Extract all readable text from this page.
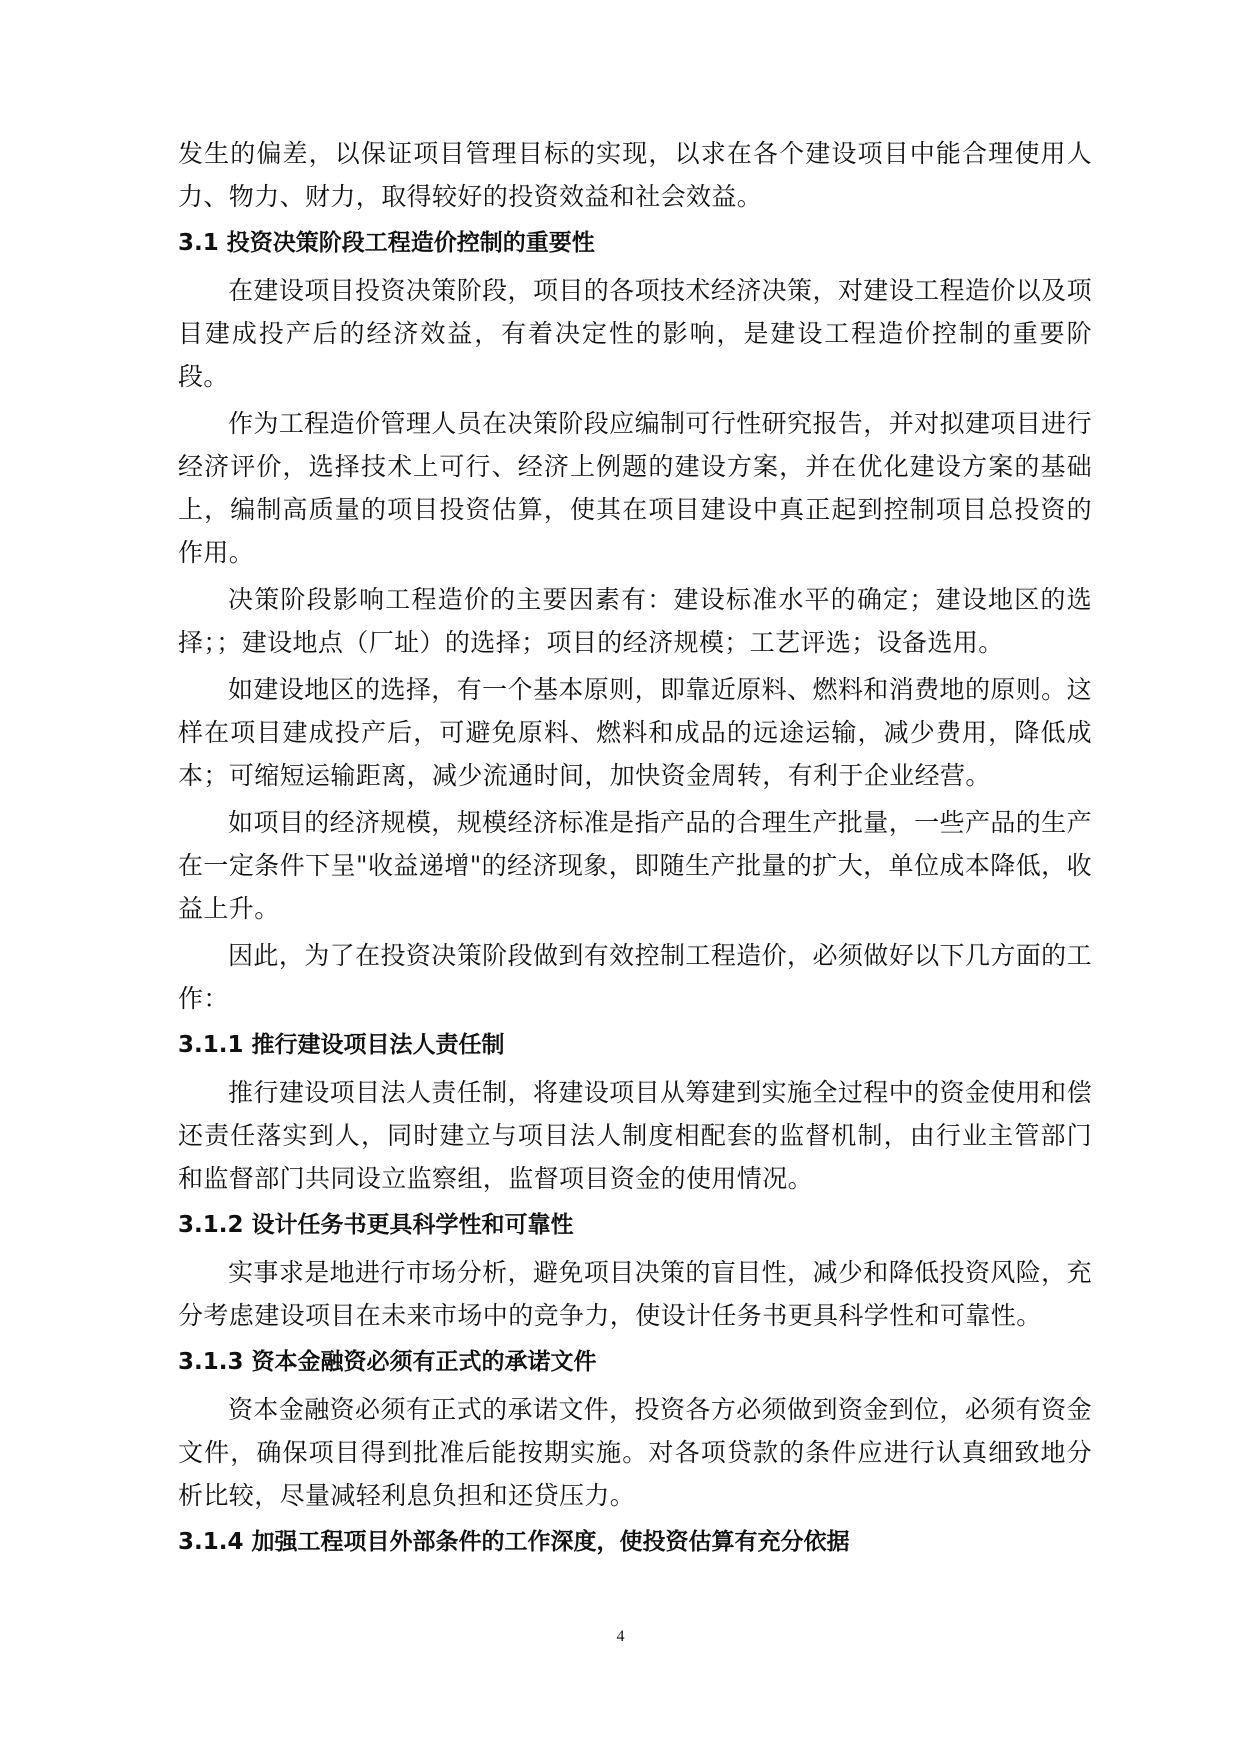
发生的偏差，以保证项目管理目标的实现，以求在各个建设项目中能合理使用人力、物力、财力，取得较好的投资效益和社会效益。

3.1 投资决策阶段工程造价控制的重要性

在建设项目投资决策阶段，项目的各项技术经济决策，对建设工程造价以及项目建成投产后的经济效益，有着决定性的影响，是建设工程造价控制的重要阶段。

作为工程造价管理人员在决策阶段应编制可行性研究报告，并对拟建项目进行经济评价，选择技术上可行、经济上例题的建设方案，并在优化建设方案的基础上，编制高质量的项目投资估算，使其在项目建设中真正起到控制项目总投资的作用。

决策阶段影响工程造价的主要因素有：建设标准水平的确定；建设地区的选择；；建设地点（厂址）的选择；项目的经济规模；工艺评选；设备选用。

如建设地区的选择，有一个基本原则，即靠近原料、燃料和消费地的原则。这样在项目建成投产后，可避免原料、燃料和成品的远途运输，减少费用，降低成本；可缩短运输距离，减少流通时间，加快资金周转，有利于企业经营。

如项目的经济规模，规模经济标准是指产品的合理生产批量，一些产品的生产在一定条件下呈"收益递增"的经济现象，即随生产批量的扩大，单位成本降低，收益上升。

因此，为了在投资决策阶段做到有效控制工程造价，必须做好以下几方面的工作：

3.1.1 推行建设项目法人责任制

推行建设项目法人责任制，将建设项目从筹建到实施全过程中的资金使用和偿还责任落实到人，同时建立与项目法人制度相配套的监督机制，由行业主管部门和监督部门共同设立监察组，监督项目资金的使用情况。

3.1.2 设计任务书更具科学性和可靠性

实事求是地进行市场分析，避免项目决策的盲目性，减少和降低投资风险，充分考虑建设项目在未来市场中的竞争力，使设计任务书更具科学性和可靠性。

3.1.3 资本金融资必须有正式的承诺文件

资本金融资必须有正式的承诺文件，投资各方必须做到资金到位，必须有资金文件，确保项目得到批准后能按期实施。对各项贷款的条件应进行认真细致地分析比较，尽量减轻利息负担和还贷压力。

3.1.4 加强工程项目外部条件的工作深度，使投资估算有充分依据
4
